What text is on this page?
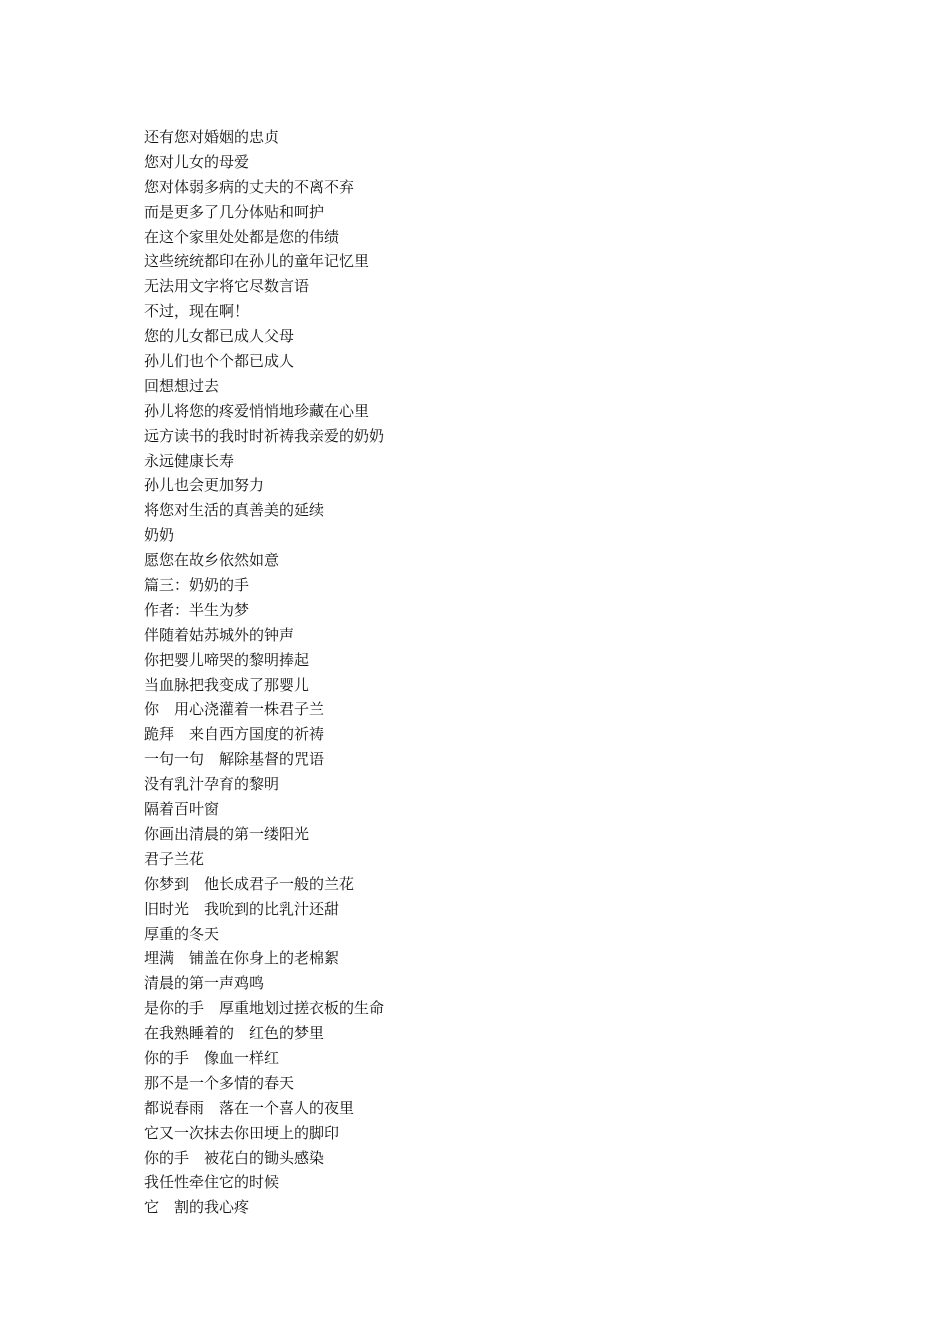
还有您对婚姻的忠贞

您对儿女的母爱

您对体弱多病的丈夫的不离不弃

而是更多了几分体贴和呵护

在这个家里处处都是您的伟绩

这些统统都印在孙儿的童年记忆里

无法用文字将它尽数言语

不过，现在啊！

您的儿女都已成人父母

孙儿们也个个都已成人

回想想过去

孙儿将您的疼爱悄悄地珍藏在心里

远方读书的我时时祈祷我亲爱的奶奶

永远健康长寿

孙儿也会更加努力

将您对生活的真善美的延续

奶奶

愿您在故乡依然如意

篇三：奶奶的手

作者：半生为梦

伴随着姑苏城外的钟声

你把婴儿啼哭的黎明捧起

当血脉把我变成了那婴儿

你　用心浇灌着一株君子兰

跪拜　来自西方国度的祈祷

一句一句　解除基督的咒语

没有乳汁孕育的黎明

隔着百叶窗

你画出清晨的第一缕阳光

君子兰花

你梦到　他长成君子一般的兰花

旧时光　我吮到的比乳汁还甜

厚重的冬天

埋满　铺盖在你身上的老棉絮

清晨的第一声鸡鸣

是你的手　厚重地划过搓衣板的生命

在我熟睡着的　红色的梦里

你的手　像血一样红

那不是一个多情的春天

都说春雨　落在一个喜人的夜里

它又一次抹去你田埂上的脚印

你的手　被花白的锄头感染

我任性牵住它的时候

它　割的我心疼
